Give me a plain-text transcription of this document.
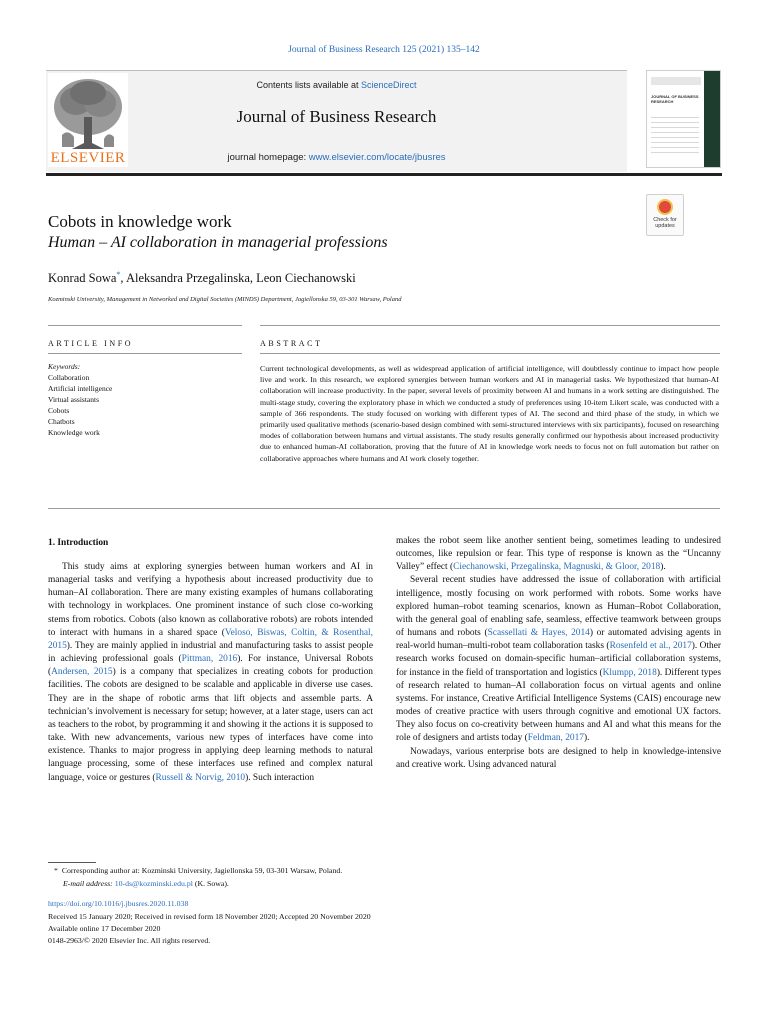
Journal of Business Research 125 (2021) 135–142
ELSEVIER
Contents lists available at ScienceDirect
Journal of Business Research
journal homepage: www.elsevier.com/locate/jbusres
JOURNAL OF BUSINESS RESEARCH
Cobots in knowledge work
Human – AI collaboration in managerial professions
Check for updates
Konrad Sowa*, Aleksandra Przegalinska, Leon Ciechanowski
Kozminski University, Management in Networked and Digital Societies (MINDS) Department, Jagiellonska 59, 03-301 Warsaw, Poland
ARTICLE INFO	ABSTRACT
Keywords:
Collaboration
Artificial intelligence
Virtual assistants
Cobots
Chatbots
Knowledge work
Current technological developments, as well as widespread application of artificial intelligence, will doubtlessly continue to impact how people live and work. In this research, we explored synergies between human workers and AI in managerial tasks. We hypothesized that human-AI collaboration will increase productivity. In the paper, several levels of proximity between AI and humans in a work setting are distinguished. The multi-stage study, covering the exploratory phase in which we conducted a study of preferences using 10-item Likert scale, was conducted with a sample of 366 respondents. The study focused on working with different types of AI. The second and third phase of the study, in which we primarily used qualitative methods (scenario-based design combined with semi-structured interviews with six participants), focused on researching modes of collaboration between humans and virtual assistants. The study results generally confirmed our hypothesis about increased productivity due to enhanced human-AI collaboration, proving that the future of AI in knowledge work needs to focus not on full automation but rather on collaborative approaches where humans and AI work closely together.
1. Introduction

This study aims at exploring synergies between human workers and AI in managerial tasks and verifying a hypothesis about increased productivity due to human–AI collaboration. There are many existing examples of humans collaborating with technology in workplaces. One prominent instance of such close co-working stems from robotics. Cobots (also known as collaborative robots) are robots intended to interact with humans in a shared space (Veloso, Biswas, Coltin, & Rosenthal, 2015). They are mainly applied in industrial and manufacturing tasks to assist people in achieving professional goals (Pittman, 2016). For instance, Universal Robots (Andersen, 2015) is a company that specializes in creating cobots for production facilities. The cobots are designed to be scalable and applicable in diverse use cases. They are in the shape of robotic arms that lift objects and assemble parts. A technician’s involvement is necessary for setup; however, at a later stage, users can act as teachers to the robot, by programming it and showing it the actions it is supposed to take. With new advancements, various new types of interfaces have come into existence. Thanks to major progress in applying deep learning methods to natural language processing, some of these interfaces use refined and complex natural language, voice or gestures (Russell & Norvig, 2010). Such interaction

makes the robot seem like another sentient being, sometimes leading to undesired outcomes, like repulsion or fear. This type of response is known as the “Uncanny Valley” effect (Ciechanowski, Przegalinska, Magnuski, & Gloor, 2018).

Several recent studies have addressed the issue of collaboration with artificial intelligence, mostly focusing on work performed with robots. Some works have explored human–robot teaming scenarios, known as Human–Robot Collaboration, with the general goal of enabling safe, seamless, effective teamwork between groups of humans and robots (Scassellati & Hayes, 2014) or automated advising agents in real-world human–multi-robot team collaboration tasks (Rosenfeld et al., 2017). Other research works focused on domain-specific human–artificial collaboration systems, for instance in the field of transportation and logistics (Klumpp, 2018). Different types of research related to human–AI collaboration focus on virtual agents and online systems. For instance, Creative Artificial Intelligence Systems (CAIS) encourage new modes of creative practice with users through cognitive and emotional UX factors. They also focus on co-creativity between humans and AI and what this means for the role of designers and artists today (Feldman, 2017).

Nowadays, various enterprise bots are designed to help in knowledge-intensive and creative work. Using advanced natural

* Corresponding author at: Kozminski University, Jagiellonska 59, 03-301 Warsaw, Poland.
E-mail address: 10-ds@kozminski.edu.pl (K. Sowa).
https://doi.org/10.1016/j.jbusres.2020.11.038
Received 15 January 2020; Received in revised form 18 November 2020; Accepted 20 November 2020
Available online 17 December 2020
0148-2963/© 2020 Elsevier Inc. All rights reserved.
